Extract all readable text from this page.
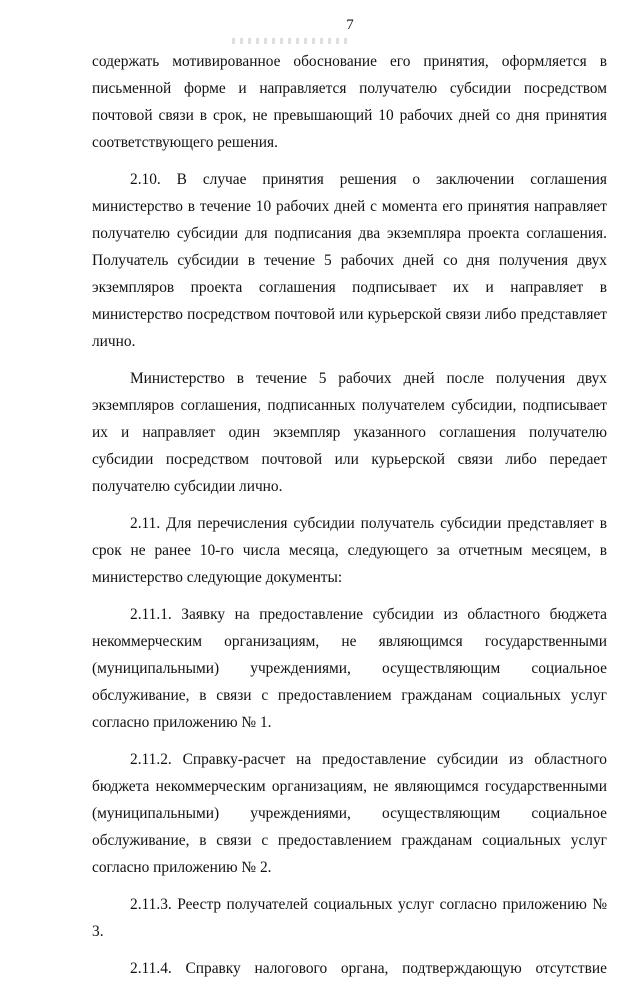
7

содержать мотивированное обоснование его принятия, оформляется в письменной форме и направляется получателю субсидии посредством почтовой связи в срок, не превышающий 10 рабочих дней со дня принятия соответствующего решения.

2.10. В случае принятия решения о заключении соглашения министерство в течение 10 рабочих дней с момента его принятия направляет получателю субсидии для подписания два экземпляра проекта соглашения. Получатель субсидии в течение 5 рабочих дней со дня получения двух экземпляров проекта соглашения подписывает их и направляет в министерство посредством почтовой или курьерской связи либо представляет лично.

Министерство в течение 5 рабочих дней после получения двух экземпляров соглашения, подписанных получателем субсидии, подписывает их и направляет один экземпляр указанного соглашения получателю субсидии посредством почтовой или курьерской связи либо передает получателю субсидии лично.

2.11. Для перечисления субсидии получатель субсидии представляет в срок не ранее 10-го числа месяца, следующего за отчетным месяцем, в министерство следующие документы:

2.11.1. Заявку на предоставление субсидии из областного бюджета некоммерческим организациям, не являющимся государственными (муниципальными) учреждениями, осуществляющим социальное обслуживание, в связи с предоставлением гражданам социальных услуг согласно приложению № 1.

2.11.2. Справку-расчет на предоставление субсидии из областного бюджета некоммерческим организациям, не являющимся государственными (муниципальными) учреждениями, осуществляющим социальное обслуживание, в связи с предоставлением гражданам социальных услуг согласно приложению № 2.

2.11.3. Реестр получателей социальных услуг согласно приложению № 3.

2.11.4. Справку налогового органа, подтверждающую отсутствие
